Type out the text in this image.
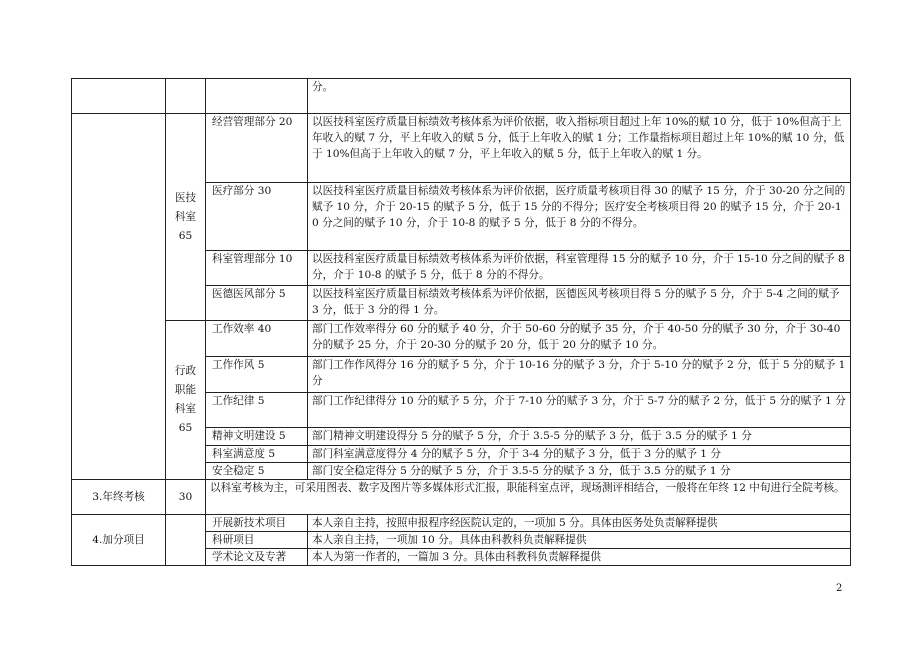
			分。

	医技
科室
65	经营管理部分 20	以医技科室医疗质量目标绩效考核体系为评价依据，收入指标项目超过上年 10%的赋 10 分，低于 10%但高于上年收入的赋 7 分，平上年收入的赋 5 分，低于上年收入的赋 1 分；工作量指标项目超过上年 10%的赋 10 分，低于 10%但高于上年收入的赋 7 分，平上年收入的赋 5 分，低于上年收入的赋 1 分。
		医疗部分 30	以医技科室医疗质量目标绩效考核体系为评价依据，医疗质量考核项目得 30 的赋予 15 分，介于 30-20 分之间的赋予 10 分，介于 20-15 的赋予 5 分，低于 15 分的不得分；医疗安全考核项目得 20 的赋予 15 分，介于 20-10 分之间的赋予 10 分，介于 10-8 的赋予 5 分，低于 8 分的不得分。
		科室管理部分 10	以医技科室医疗质量目标绩效考核体系为评价依据，科室管理得 15 分的赋予 10 分，介于 15-10 分之间的赋予 8 分，介于 10-8 的赋予 5 分，低于 8 分的不得分。
		医德医风部分 5	以医技科室医疗质量目标绩效考核体系为评价依据，医德医风考核项目得 5 分的赋予 5 分，介于 5-4 之间的赋予 3 分，低于 3 分的得 1 分。

	行政
职能
科室
65	工作效率 40	部门工作效率得分 60 分的赋予 40 分，介于 50-60 分的赋予 35 分，介于 40-50 分的赋予 30 分，介于 30-40 分的赋予 25 分，介于 20-30 分的赋予 20 分，低于 20 分的赋予 10 分。
		工作作风 5	部门工作作风得分 16 分的赋予 5 分，介于 10-16 分的赋予 3 分，介于 5-10 分的赋予 2 分，低于 5 分的赋予 1 分
		工作纪律 5	部门工作纪律得分 10 分的赋予 5 分，介于 7-10 分的赋予 3 分，介于 5-7 分的赋予 2 分，低于 5 分的赋予 1 分
		精神文明建设 5	部门精神文明建设得分 5 分的赋予 5 分，介于 3.5-5 分的赋予 3 分，低于 3.5 分的赋予 1 分
		科室满意度 5	部门科室满意度得分 4 分的赋予 5 分，介于 3-4 分的赋予 3 分，低于 3 分的赋予 1 分
		安全稳定 5	部门安全稳定得分 5 分的赋予 5 分，介于 3.5-5 分的赋予 3 分，低于 3.5 分的赋予 1 分
3.年终考核	30	以科室考核为主，可采用图表、数字及图片等多媒体形式汇报，职能科室点评，现场测评相结合，一般将在年终 12 中旬进行全院考核。	
4.加分项目		开展新技术项目	本人亲自主持，按照申报程序经医院认定的，一项加 5 分。具体由医务处负责解释提供
		科研项目	本人亲自主持，一项加 10 分。具体由科教科负责解释提供
		学术论文及专著	本人为第一作者的，一篇加 3 分。具体由科教科负责解释提供
2
